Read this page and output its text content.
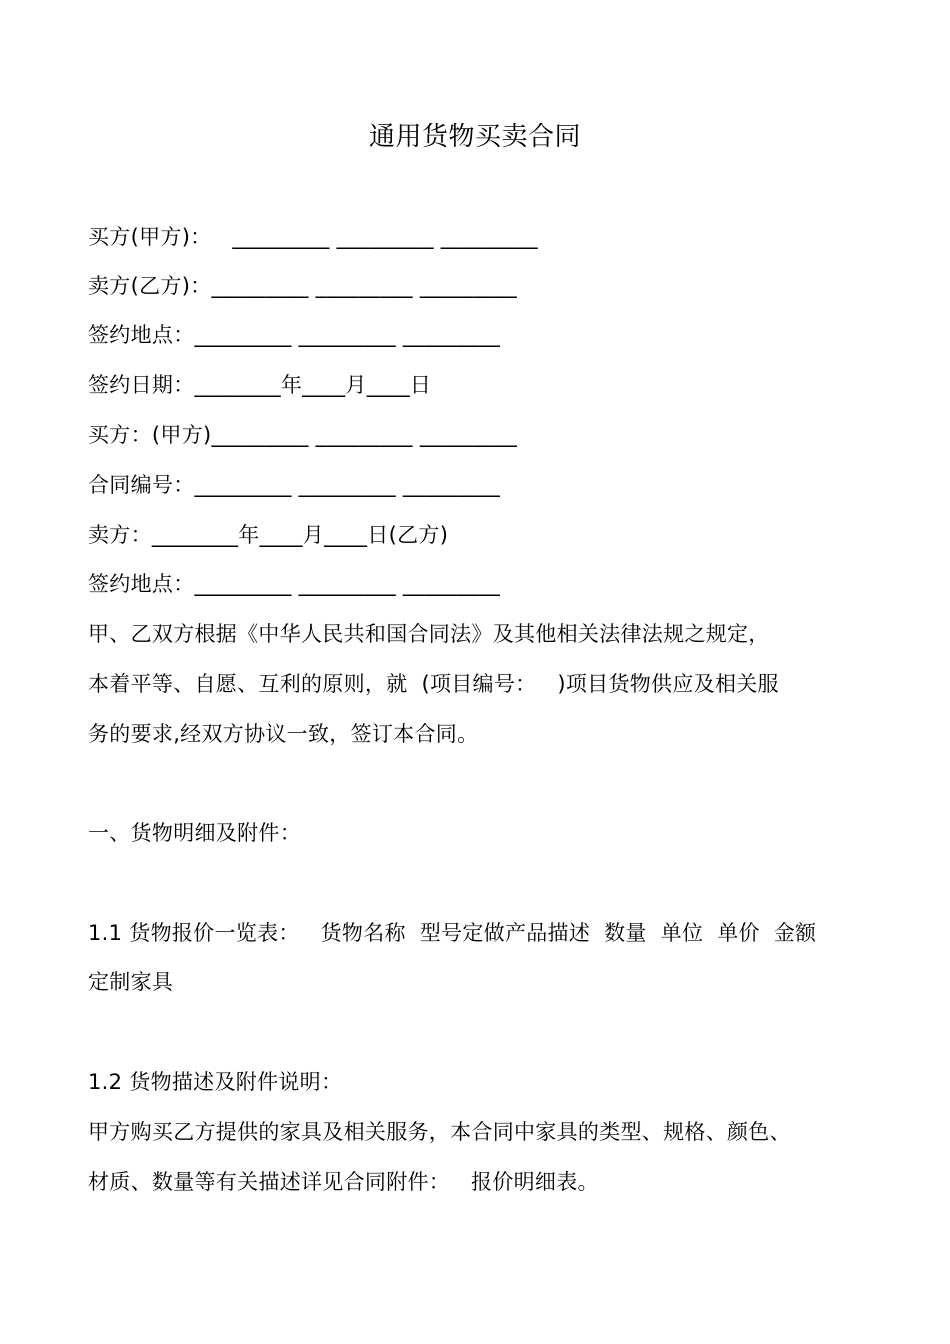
通用货物买卖合同
买方(甲方)：   _________ _________ _________
卖方(乙方)：_________ _________ _________
签约地点：_________ _________ _________
签约日期：________年____月____日
买方：(甲方)_________ _________ _________
合同编号：_________ _________ _________
卖方：________年____月____日(乙方)
签约地点：_________ _________ _________
甲、乙双方根据《中华人民共和国合同法》及其他相关法律法规之规定，
本着平等、自愿、互利的原则，就  (项目编号：   )项目货物供应及相关服
务的要求,经双方协议一致，签订本合同。
一、货物明细及附件：
1.1 货物报价一览表：   货物名称  型号定做产品描述  数量  单位  单价  金额
定制家具
1.2 货物描述及附件说明：
甲方购买乙方提供的家具及相关服务，本合同中家具的类型、规格、颜色、
材质、数量等有关描述详见合同附件：   报价明细表。
